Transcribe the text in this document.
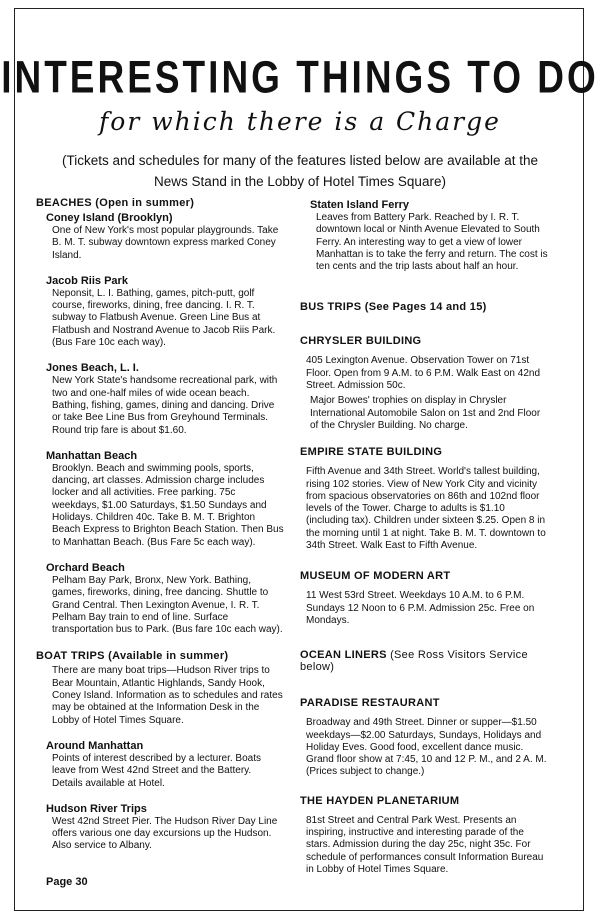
INTERESTING THINGS TO DO
for which there is a Charge
(Tickets and schedules for many of the features listed below are available at the News Stand in the Lobby of Hotel Times Square)

BEACHES (Open in summer)

Coney Island (Brooklyn)

One of New York's most popular playgrounds. Take B. M. T. subway downtown express marked Coney Island.

Jacob Riis Park

Neponsit, L. I. Bathing, games, pitch-putt, golf course, fireworks, dining, free dancing. I. R. T. subway to Flatbush Avenue. Green Line Bus at Flatbush and Nostrand Avenue to Jacob Riis Park. (Bus Fare 10c each way).

Jones Beach, L. I.

New York State's handsome recreational park, with two and one-half miles of wide ocean beach. Bathing, fishing, games, dining and dancing. Drive or take Bee Line Bus from Greyhound Terminals. Round trip fare is about $1.60.

Manhattan Beach

Brooklyn. Beach and swimming pools, sports, dancing, art classes. Admission charge includes locker and all activities. Free parking. 75c weekdays, $1.00 Saturdays, $1.50 Sundays and Holidays. Children 40c. Take B. M. T. Brighton Beach Express to Brighton Beach Station. Then Bus to Manhattan Beach. (Bus Fare 5c each way).

Orchard Beach

Pelham Bay Park, Bronx, New York. Bathing, games, fireworks, dining, free dancing. Shuttle to Grand Central. Then Lexington Avenue, I. R. T. Pelham Bay train to end of line. Surface transportation bus to Park. (Bus fare 10c each way).

BOAT TRIPS (Available in summer)

There are many boat trips—Hudson River trips to Bear Mountain, Atlantic Highlands, Sandy Hook, Coney Island. Information as to schedules and rates may be obtained at the Information Desk in the Lobby of Hotel Times Square.

Around Manhattan

Points of interest described by a lecturer. Boats leave from West 42nd Street and the Battery. Details available at Hotel.

Hudson River Trips

West 42nd Street Pier. The Hudson River Day Line offers various one day excursions up the Hudson. Also service to Albany.

Staten Island Ferry

Leaves from Battery Park. Reached by I. R. T. downtown local or Ninth Avenue Elevated to South Ferry. An interesting way to get a view of lower Manhattan is to take the ferry and return. The cost is ten cents and the trip lasts about half an hour.

BUS TRIPS (See Pages 14 and 15)

CHRYSLER BUILDING

405 Lexington Avenue. Observation Tower on 71st Floor. Open from 9 A.M. to 6 P.M. Walk East on 42nd Street. Admission 50c.

Major Bowes' trophies on display in Chrysler International Automobile Salon on 1st and 2nd Floor of the Chrysler Building. No charge.

EMPIRE STATE BUILDING

Fifth Avenue and 34th Street. World's tallest building, rising 102 stories. View of New York City and vicinity from spacious observatories on 86th and 102nd floor levels of the Tower. Charge to adults is $1.10 (including tax). Children under sixteen $.25. Open 8 in the morning until 1 at night. Take B. M. T. downtown to 34th Street. Walk East to Fifth Avenue.

MUSEUM OF MODERN ART

11 West 53rd Street. Weekdays 10 A.M. to 6 P.M. Sundays 12 Noon to 6 P.M. Admission 25c. Free on Mondays.

OCEAN LINERS (See Ross Visitors Service below)

PARADISE RESTAURANT

Broadway and 49th Street. Dinner or supper—$1.50 weekdays—$2.00 Saturdays, Sundays, Holidays and Holiday Eves. Good food, excellent dance music. Grand floor show at 7:45, 10 and 12 P. M., and 2 A. M. (Prices subject to change.)

THE HAYDEN PLANETARIUM

81st Street and Central Park West. Presents an inspiring, instructive and interesting parade of the stars. Admission during the day 25c, night 35c. For schedule of performances consult Information Bureau in Lobby of Hotel Times Square.

Page 30
